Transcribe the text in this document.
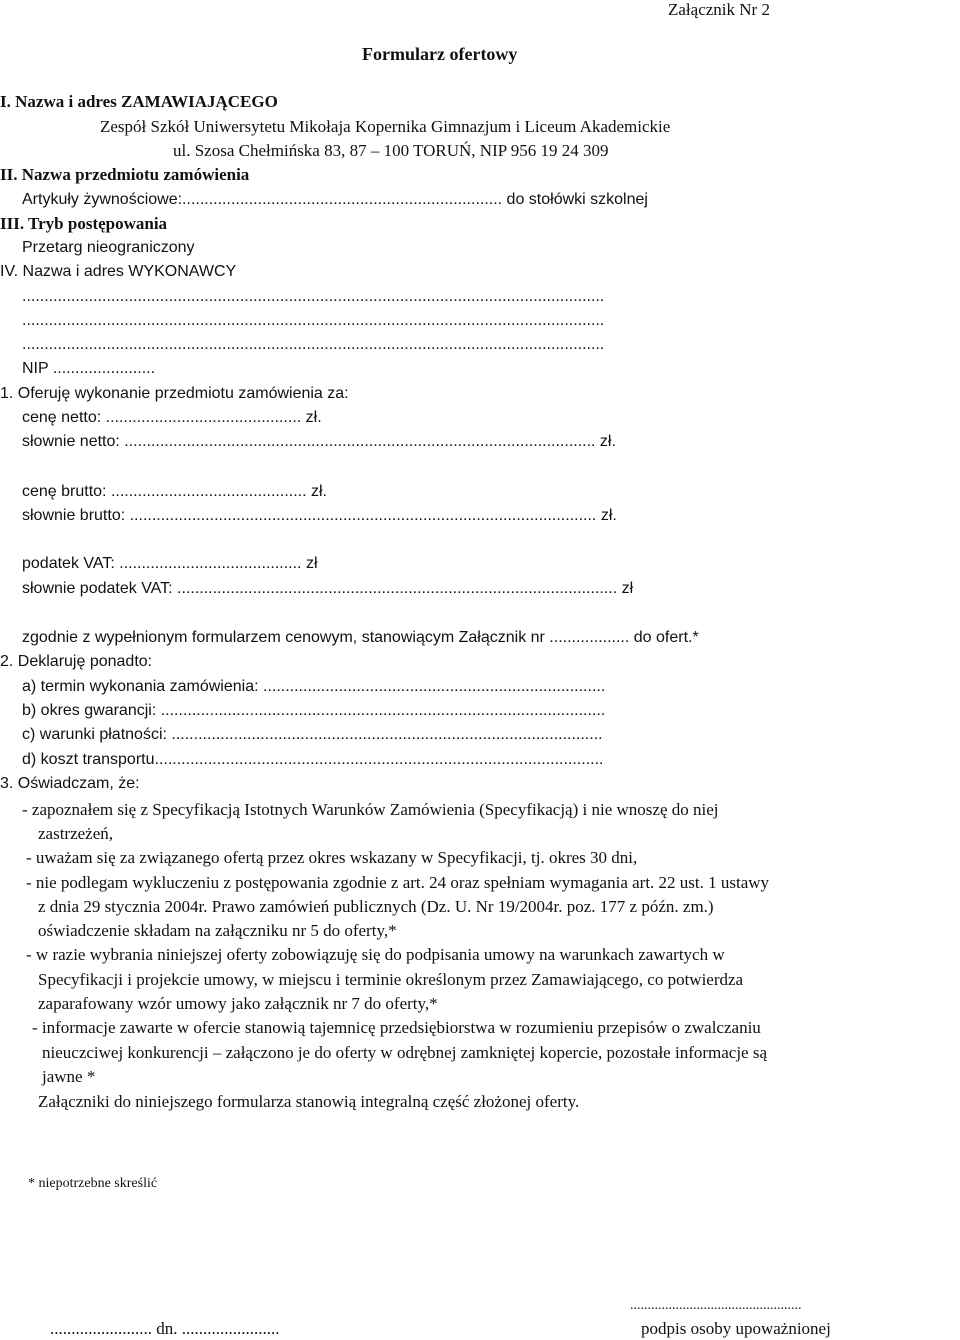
Załącznik Nr 2
Formularz ofertowy
I. Nazwa i adres ZAMAWIAJĄCEGO
Zespół Szkół Uniwersytetu Mikołaja Kopernika Gimnazjum i Liceum Akademickie
ul. Szosa Chełmińska 83, 87 – 100 TORUŃ, NIP 956 19 24 309
II. Nazwa przedmiotu zamówienia
Artykuły żywnościowe:........................................................................ do stołówki szkolnej
III. Tryb postępowania
Przetarg nieograniczony
IV. Nazwa i adres WYKONAWCY
...................................................................................................................................
...................................................................................................................................
...................................................................................................................................
NIP .......................
1. Oferuję wykonanie przedmiotu zamówienia za:
cenę netto: ............................................ zł.
słownie netto: .......................................................................................................... zł.
cenę brutto: ............................................ zł.
słownie brutto: ......................................................................................................... zł.
podatek VAT: ......................................... zł
słownie podatek VAT: ................................................................................................... zł
zgodnie z wypełnionym formularzem cenowym, stanowiącym Załącznik nr .................. do ofert.*
2. Deklaruję ponadto:
a) termin wykonania zamówienia: .............................................................................
b) okres gwarancji: ....................................................................................................
c) warunki płatności: .................................................................................................
d) koszt transportu.....................................................................................................
3. Oświadczam, że:
- zapoznałem się z Specyfikacją Istotnych Warunków Zamówienia (Specyfikacją) i nie wnoszę do niej
zastrzeżeń,
- uważam się za związanego ofertą przez okres wskazany w Specyfikacji, tj. okres 30 dni,
- nie podlegam wykluczeniu z postępowania zgodnie z art. 24 oraz spełniam wymagania art. 22 ust. 1 ustawy
z dnia 29 stycznia 2004r. Prawo zamówień publicznych (Dz. U. Nr 19/2004r. poz. 177 z późn. zm.)
oświadczenie składam na załączniku nr 5 do oferty,*
- w razie wybrania niniejszej oferty zobowiązuję się do podpisania umowy na warunkach zawartych w
Specyfikacji i projekcie umowy, w miejscu i terminie określonym przez Zamawiającego, co potwierdza
zaparafowany wzór umowy jako załącznik nr 7 do oferty,*
- informacje zawarte w ofercie stanowią tajemnicę przedsiębiorstwa w rozumieniu przepisów o zwalczaniu
nieuczciwej konkurencji – załączono je do oferty w odrębnej zamkniętej kopercie, pozostałe informacje są
jawne *
Załączniki do niniejszego formularza stanowią integralną część złożonej oferty.
* niepotrzebne skreślić
........................ dn. .......................
.................................................
podpis osoby upoważnionej
